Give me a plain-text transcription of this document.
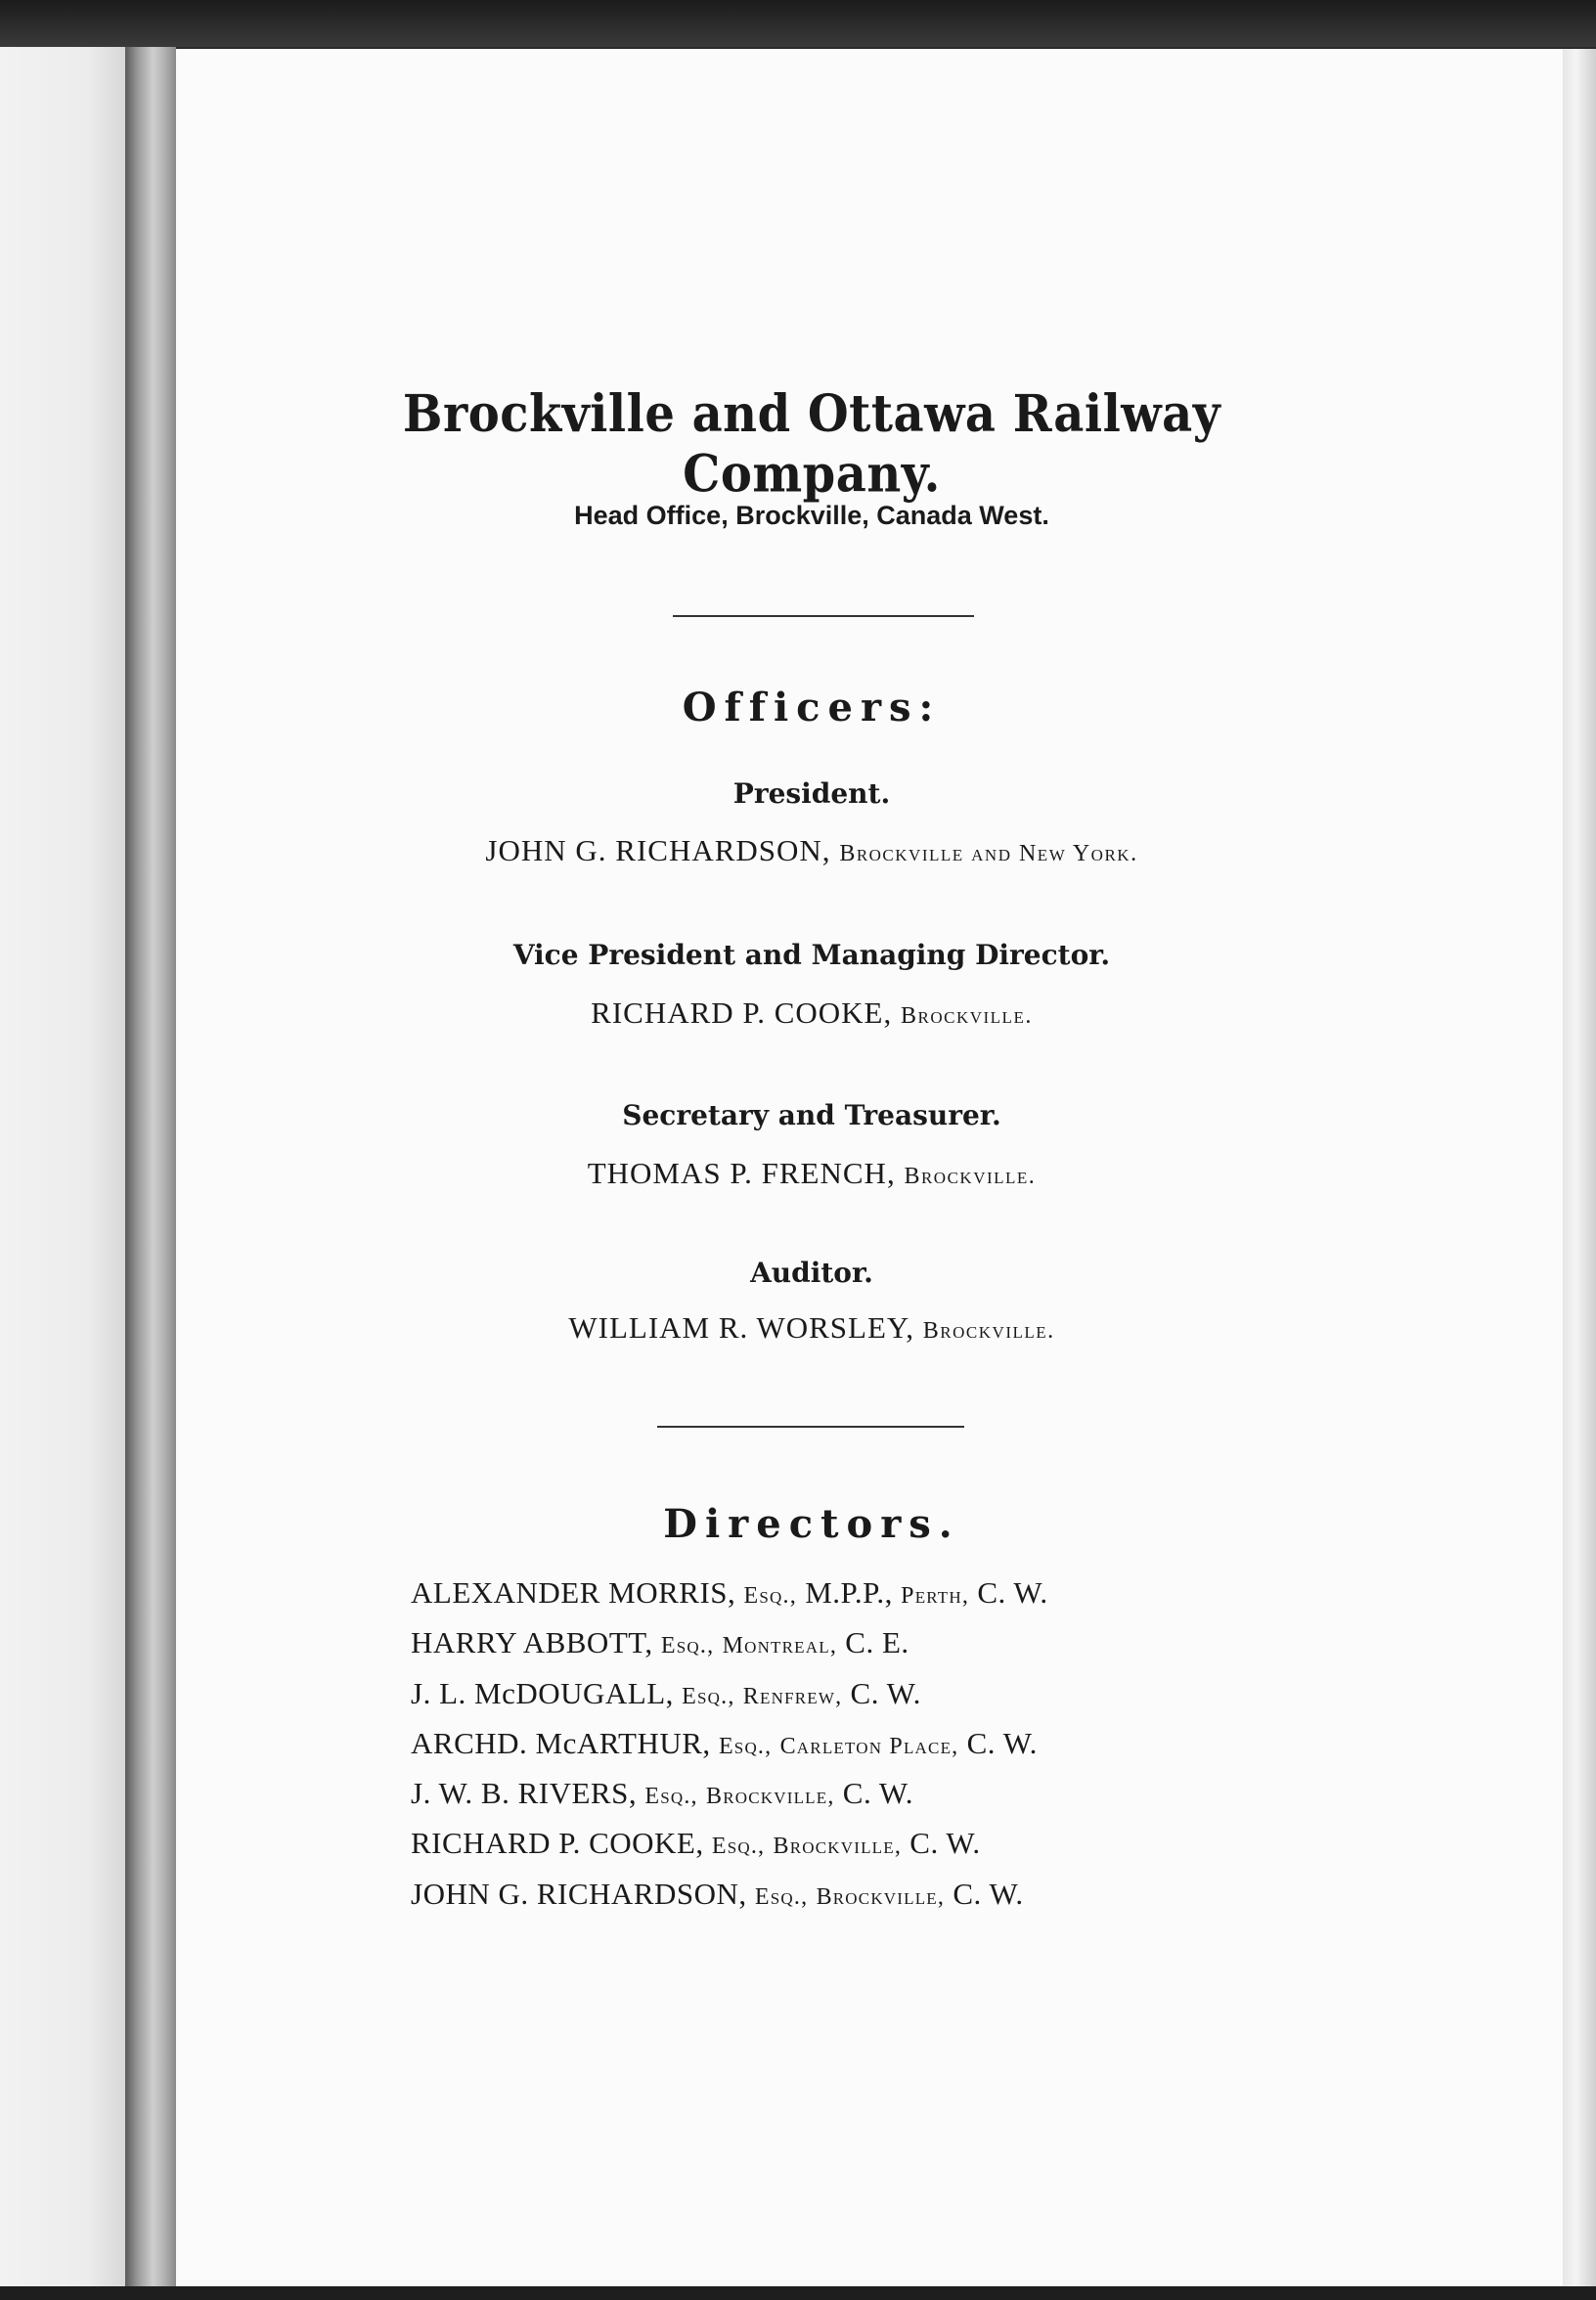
Brockville and Ottawa Railway Company.
Head Office, Brockville, Canada West.
Officers:
President.
JOHN G. RICHARDSON, Brockville and New York.
Vice President and Managing Director.
RICHARD P. COOKE, Brockville.
Secretary and Treasurer.
THOMAS P. FRENCH, Brockville.
Auditor.
WILLIAM R. WORSLEY, Brockville.
Directors.
ALEXANDER MORRIS, Esq., M.P.P., Perth, C. W.
HARRY ABBOTT, Esq., Montreal, C. E.
J. L. McDOUGALL, Esq., Renfrew, C. W.
ARCHD. McARTHUR, Esq., Carleton Place, C. W.
J. W. B. RIVERS, Esq., Brockville, C. W.
RICHARD P. COOKE, Esq., Brockville, C. W.
JOHN G. RICHARDSON, Esq., Brockville, C. W.
